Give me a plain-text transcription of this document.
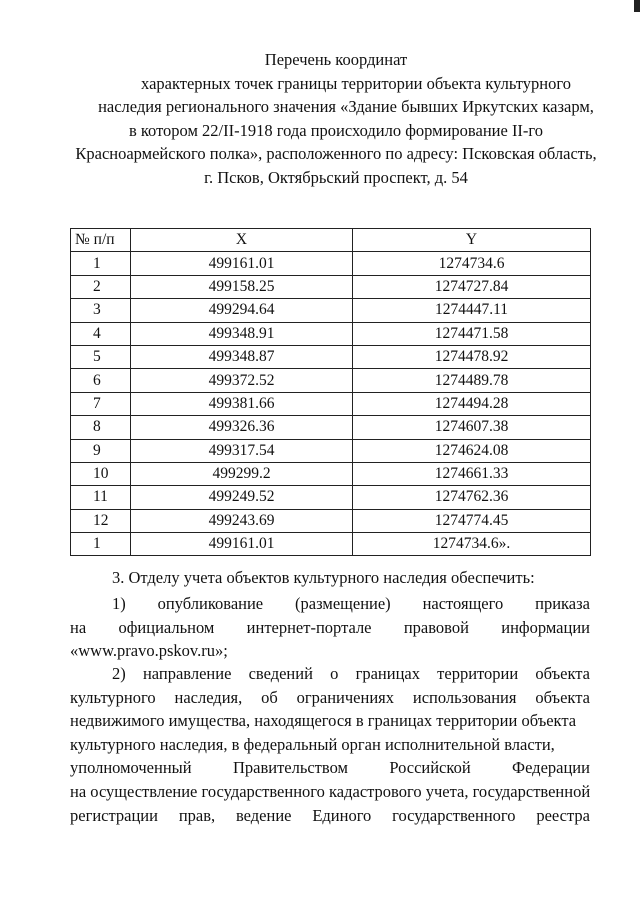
Перечень координат
характерных точек границы территории объекта культурного
наследия регионального значения «Здание бывших Иркутских казарм,
в котором 22/II-1918 года происходило формирование II-го
Красноармейского полка», расположенного по адресу: Псковская область,
г. Псков, Октябрьский проспект, д. 54
№ п/п	X	Y
1	499161.01	1274734.6
2	499158.25	1274727.84
3	499294.64	1274447.11
4	499348.91	1274471.58
5	499348.87	1274478.92
6	499372.52	1274489.78
7	499381.66	1274494.28
8	499326.36	1274607.38
9	499317.54	1274624.08
10	499299.2	1274661.33
11	499249.52	1274762.36
12	499243.69	1274774.45
1	499161.01	1274734.6».
3. Отделу учета объектов культурного наследия обеспечить:
1) опубликование (размещение) настоящего приказа
на официальном интернет-портале правовой информации
«www.pravo.pskov.ru»;
2) направление сведений о границах территории объекта
культурного наследия, об ограничениях использования объекта
недвижимого имущества, находящегося в границах территории объекта
культурного наследия, в федеральный орган исполнительной власти,
уполномоченный	Правительством	Российской	Федерации
на осуществление государственного кадастрового учета, государственной
регистрации прав, ведение Единого государственного реестра
